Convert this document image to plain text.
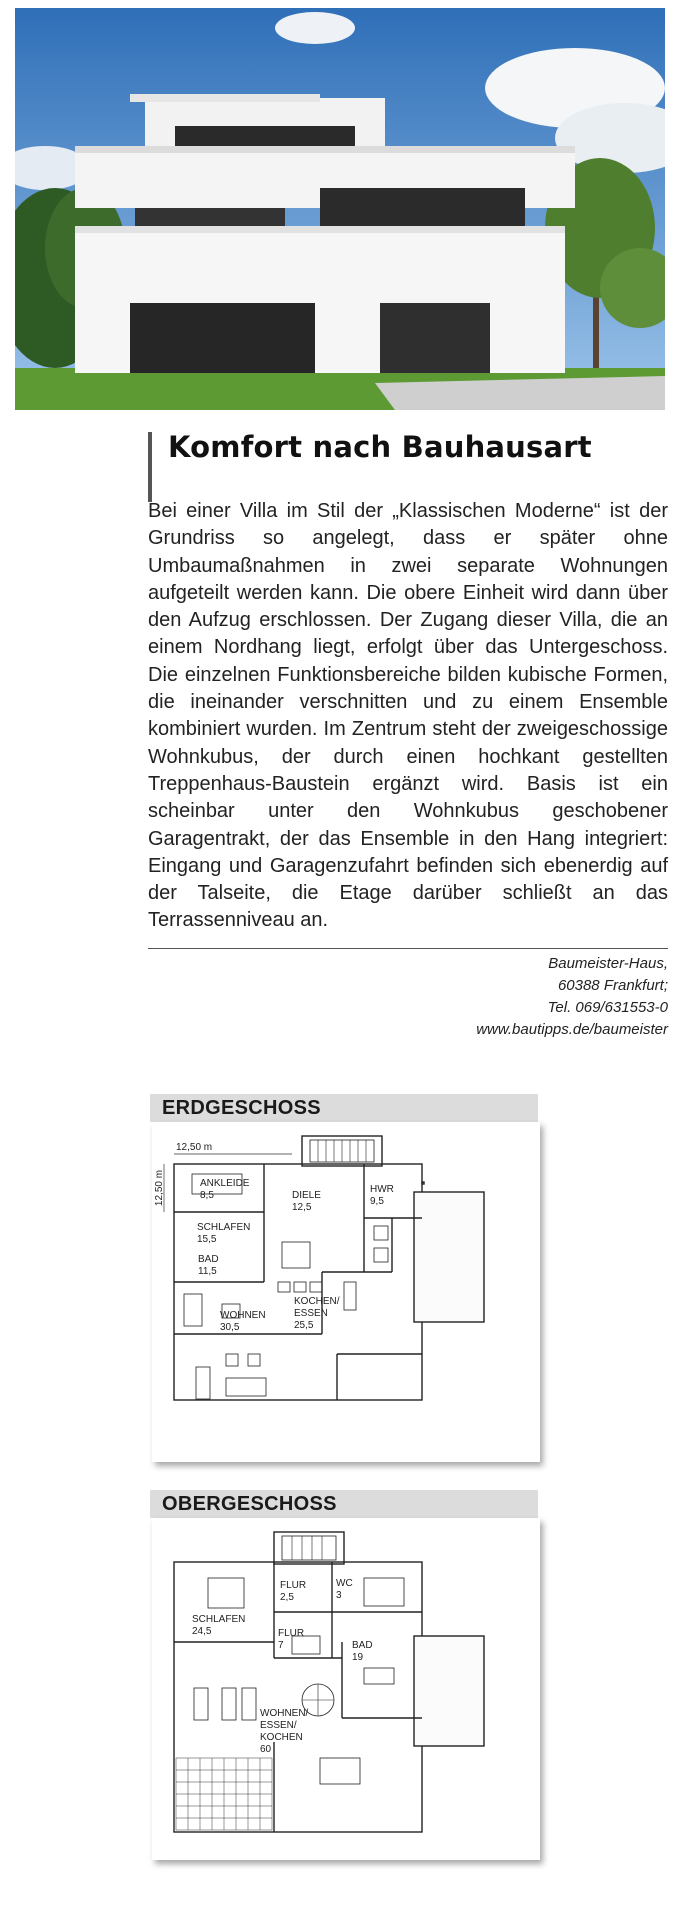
Komfort nach Bauhausart

Bei einer Villa im Stil der „Klassischen Moderne“ ist der Grundriss so angelegt, dass er später ohne Umbaumaßnahmen in zwei separate Wohnungen aufgeteilt werden kann. Die obere Einheit wird dann über den Aufzug erschlossen. Der Zugang dieser Villa, die an einem Nordhang liegt, erfolgt über das Untergeschoss. Die einzelnen Funktionsbereiche bilden kubische Formen, die ineinander verschnitten und zu einem Ensemble kombiniert wurden. Im Zentrum steht der zweigeschossige Wohnkubus, der durch einen hochkant gestellten Treppenhaus-Baustein ergänzt wird. Basis ist ein scheinbar unter den Wohnkubus geschobener Garagentrakt, der das Ensemble in den Hang integriert: Eingang und Garagenzufahrt befinden sich ebenerdig auf der Talseite, die Etage darüber schließt an das Terrassenniveau an.

Baumeister-Haus,
60388 Frankfurt;
Tel. 069/631553-0
www.bautipps.de/baumeister
ERDGESCHOSS
12,50 m
12,50 m	ANKLEIDE
8,5	DIELE
12,5
HWR
9,5
SCHLAFEN
15,5
BAD
11,5
KOCHEN/
ESSEN
25,5
WOHNEN
30,5
OBERGESCHOSS
FLUR
2,5
WC
3
SCHLAFEN
24,5	FLUR
7	BAD
19
WOHNEN/
ESSEN/
KOCHEN
60
